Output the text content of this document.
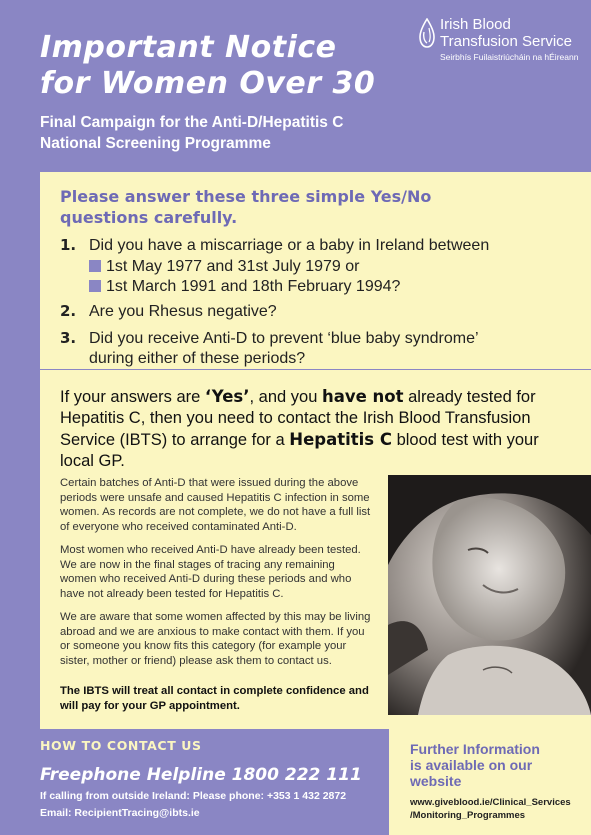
Important Notice
for Women Over 30
Final Campaign for the Anti-D/Hepatitis C
National Screening Programme
Irish Blood
Transfusion Service
Seirbhís Fuilaistriúcháin na hÉireann
Please answer these three simple Yes/No
questions carefully.
1. Did you have a miscarriage or a baby in Ireland between
1st May 1977 and 31st July 1979 or
1st March 1991 and 18th February 1994?
2. Are you Rhesus negative?
3. Did you receive Anti-D to prevent ‘blue baby syndrome’
during either of these periods?
If your answers are ‘Yes’, and you have not already tested for Hepatitis C, then you need to contact the Irish Blood Transfusion Service (IBTS) to arrange for a Hepatitis C blood test with your local GP.
Certain batches of Anti-D that were issued during the above periods were unsafe and caused Hepatitis C infection in some women. As records are not complete, we do not have a full list of everyone who received contaminated Anti-D.
Most women who received Anti-D have already been tested. We are now in the final stages of tracing any remaining women who received Anti-D during these periods and who have not already been tested for Hepatitis C.
We are aware that some women affected by this may be living abroad and we are anxious to make contact with them. If you or someone you know fits this category (for example your sister, mother or friend) please ask them to contact us.
The IBTS will treat all contact in complete confidence and will pay for your GP appointment.
HOW TO CONTACT US
Freephone Helpline 1800 222 111
If calling from outside Ireland: Please phone: +353 1 432 2872
Email: RecipientTracing@ibts.ie
Further Information
is available on our
website
www.giveblood.ie/Clinical_Services
/Monitoring_Programmes
